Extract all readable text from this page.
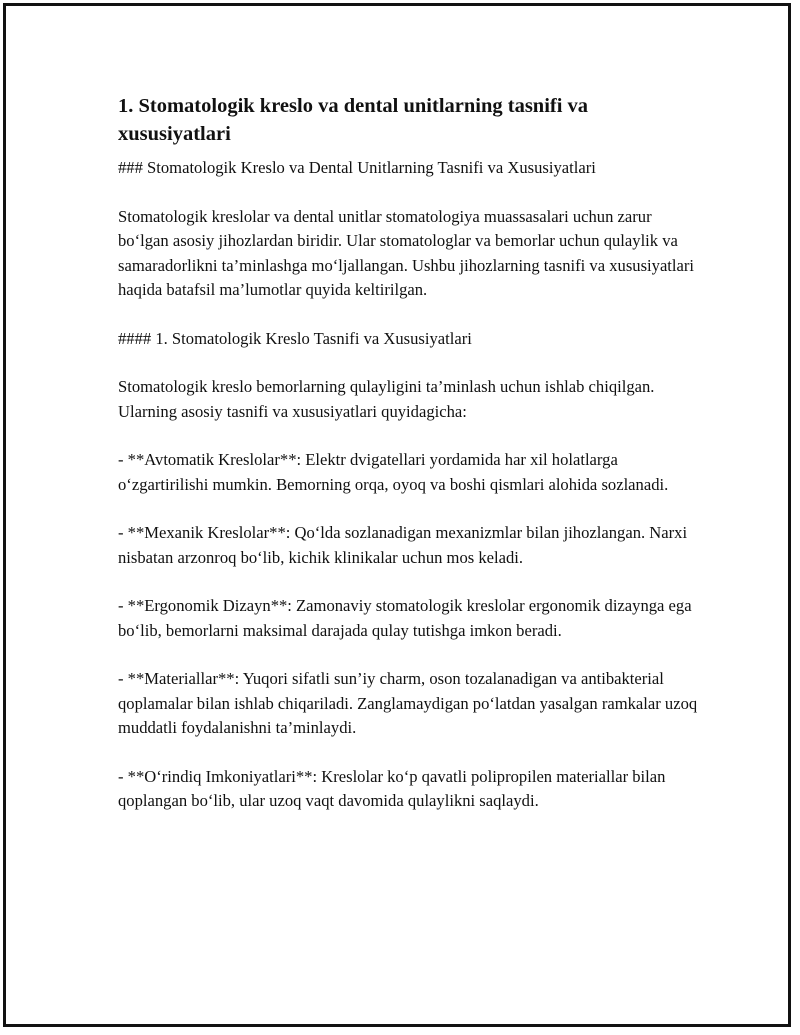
1. Stomatologik kreslo va dental unitlarning tasnifi va xususiyatlari

### Stomatologik Kreslo va Dental Unitlarning Tasnifi va Xususiyatlari

Stomatologik kreslolar va dental unitlar stomatologiya muassasalari uchun zarur bo‘lgan asosiy jihozlardan biridir. Ular stomatologlar va bemorlar uchun qulaylik va samaradorlikni ta’minlashga mo‘ljallangan. Ushbu jihozlarning tasnifi va xususiyatlari haqida batafsil ma’lumotlar quyida keltirilgan.

#### 1. Stomatologik Kreslo Tasnifi va Xususiyatlari

Stomatologik kreslo bemorlarning qulayligini ta’minlash uchun ishlab chiqilgan. Ularning asosiy tasnifi va xususiyatlari quyidagicha:

- **Avtomatik Kreslolar**: Elektr dvigatellari yordamida har xil holatlarga o‘zgartirilishi mumkin. Bemorning orqa, oyoq va boshi qismlari alohida sozlanadi.

- **Mexanik Kreslolar**: Qo‘lda sozlanadigan mexanizmlar bilan jihozlangan. Narxi nisbatan arzonroq bo‘lib, kichik klinikalar uchun mos keladi.

- **Ergonomik Dizayn**: Zamonaviy stomatologik kreslolar ergonomik dizaynga ega bo‘lib, bemorlarni maksimal darajada qulay tutishga imkon beradi.

- **Materiallar**: Yuqori sifatli sun’iy charm, oson tozalanadigan va antibakterial qoplamalar bilan ishlab chiqariladi. Zanglamaydigan po‘latdan yasalgan ramkalar uzoq muddatli foydalanishni ta’minlaydi.

- **O‘rindiq Imkoniyatlari**: Kreslolar ko‘p qavatli polipropilen materiallar bilan qoplangan bo‘lib, ular uzoq vaqt davomida qulaylikni saqlaydi.
